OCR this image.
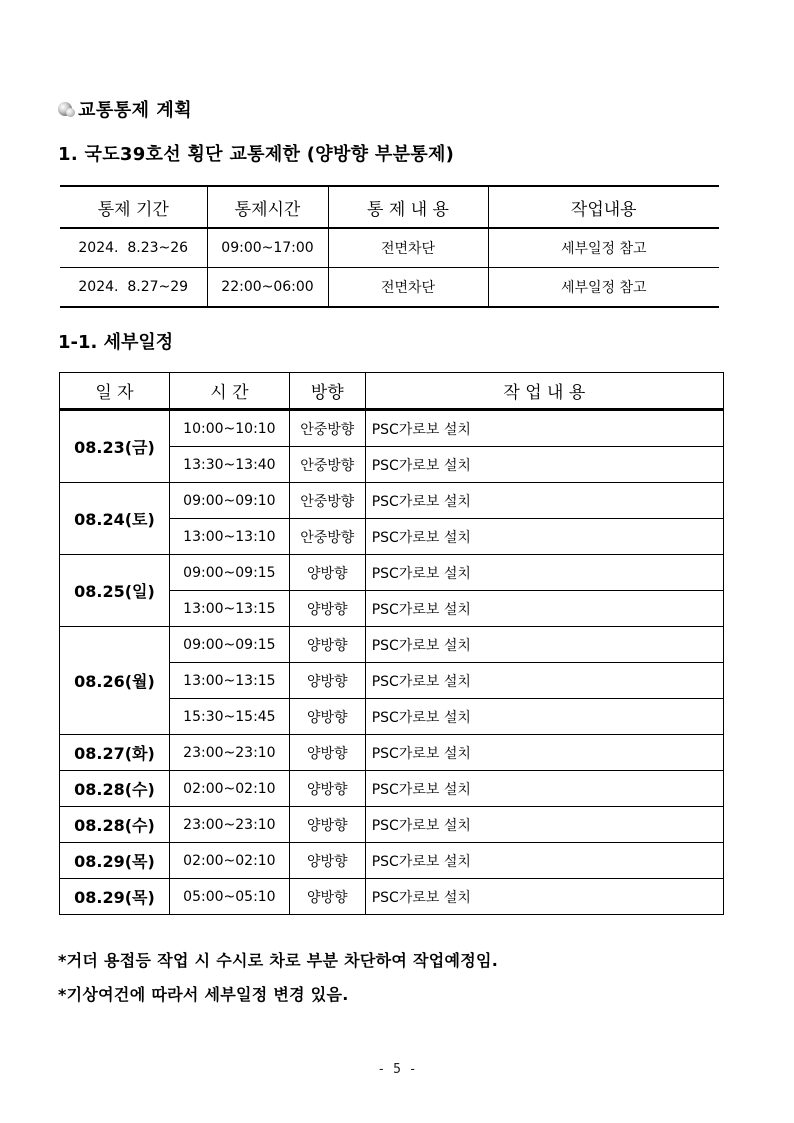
교통통제 계획
1. 국도39호선 횡단 교통제한 (양방향 부분통제)
통제 기간	통제시간	통 제 내 용	작업내용
2024.  8.23~26	09:00~17:00	전면차단	세부일정 참고
2024.  8.27~29	22:00~06:00	전면차단	세부일정 참고
1-1. 세부일정
일 자	시 간	방향	작 업 내 용
08.23(금)	10:00~10:10	안중방향	PSC가로보 설치
	13:30~13:40	안중방향	PSC가로보 설치
08.24(토)	09:00~09:10	안중방향	PSC가로보 설치
	13:00~13:10	안중방향	PSC가로보 설치
08.25(일)	09:00~09:15	양방향	PSC가로보 설치
	13:00~13:15	양방향	PSC가로보 설치
08.26(월)	09:00~09:15	양방향	PSC가로보 설치
	13:00~13:15	양방향	PSC가로보 설치
	15:30~15:45	양방향	PSC가로보 설치
08.27(화)	23:00~23:10	양방향	PSC가로보 설치
08.28(수)	02:00~02:10	양방향	PSC가로보 설치
08.28(수)	23:00~23:10	양방향	PSC가로보 설치
08.29(목)	02:00~02:10	양방향	PSC가로보 설치
08.29(목)	05:00~05:10	양방향	PSC가로보 설치
*거더 용접등 작업 시 수시로 차로 부분 차단하여 작업예정임.
*기상여건에 따라서 세부일정 변경 있음.
- 5 -
